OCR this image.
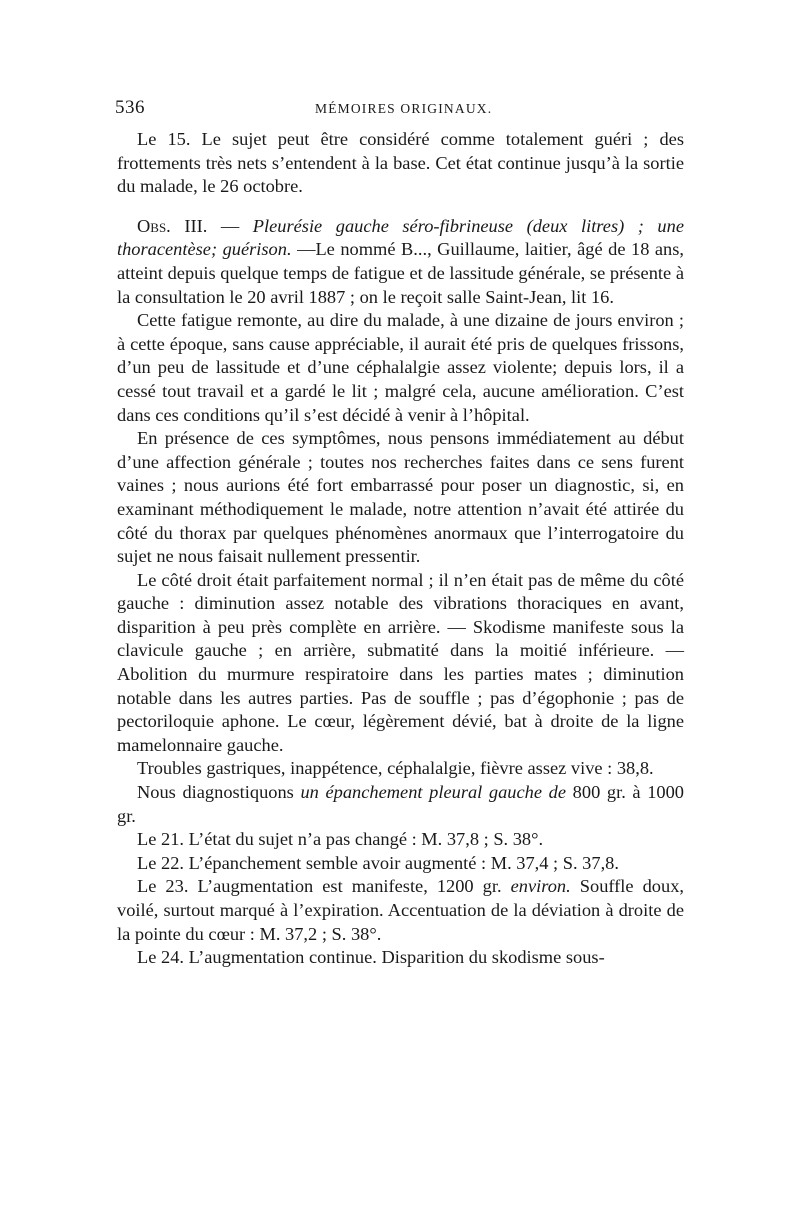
536	MÉMOIRES ORIGINAUX.

Le 15. Le sujet peut être considéré comme totalement guéri ; des frottements très nets s’entendent à la base. Cet état continue jusqu’à la sortie du malade, le 26 octobre.

Obs. III. — Pleurésie gauche séro-fibrineuse (deux litres) ; une thoracentèse; guérison. —Le nommé B..., Guillaume, laitier, âgé de 18 ans, atteint depuis quelque temps de fatigue et de lassitude générale, se présente à la consultation le 20 avril 1887 ; on le reçoit salle Saint-Jean, lit 16.

Cette fatigue remonte, au dire du malade, à une dizaine de jours environ ; à cette époque, sans cause appréciable, il aurait été pris de quelques frissons, d’un peu de lassitude et d’une céphalalgie assez violente; depuis lors, il a cessé tout travail et a gardé le lit ; malgré cela, aucune amélioration. C’est dans ces conditions qu’il s’est décidé à venir à l’hôpital.

En présence de ces symptômes, nous pensons immédiatement au début d’une affection générale ; toutes nos recherches faites dans ce sens furent vaines ; nous aurions été fort embarrassé pour poser un diagnostic, si, en examinant méthodiquement le malade, notre attention n’avait été attirée du côté du thorax par quelques phénomènes anormaux que l’interrogatoire du sujet ne nous faisait nullement pressentir.

Le côté droit était parfaitement normal ; il n’en était pas de même du côté gauche : diminution assez notable des vibrations thoraciques en avant, disparition à peu près complète en arrière. — Skodisme manifeste sous la clavicule gauche ; en arrière, submatité dans la moitié inférieure. — Abolition du murmure respiratoire dans les parties mates ; diminution notable dans les autres parties. Pas de souffle ; pas d’égophonie ; pas de pectoriloquie aphone. Le cœur, légèrement dévié, bat à droite de la ligne mamelonnaire gauche.

Troubles gastriques, inappétence, céphalalgie, fièvre assez vive : 38,8.

Nous diagnostiquons un épanchement pleural gauche de 800 gr. à 1000 gr.

Le 21. L’état du sujet n’a pas changé : M. 37,8 ; S. 38°.

Le 22. L’épanchement semble avoir augmenté : M. 37,4 ; S. 37,8.

Le 23. L’augmentation est manifeste, 1200 gr. environ. Souffle doux, voilé, surtout marqué à l’expiration. Accentuation de la déviation à droite de la pointe du cœur : M. 37,2 ; S. 38°.

Le 24. L’augmentation continue. Disparition du skodisme sous-
